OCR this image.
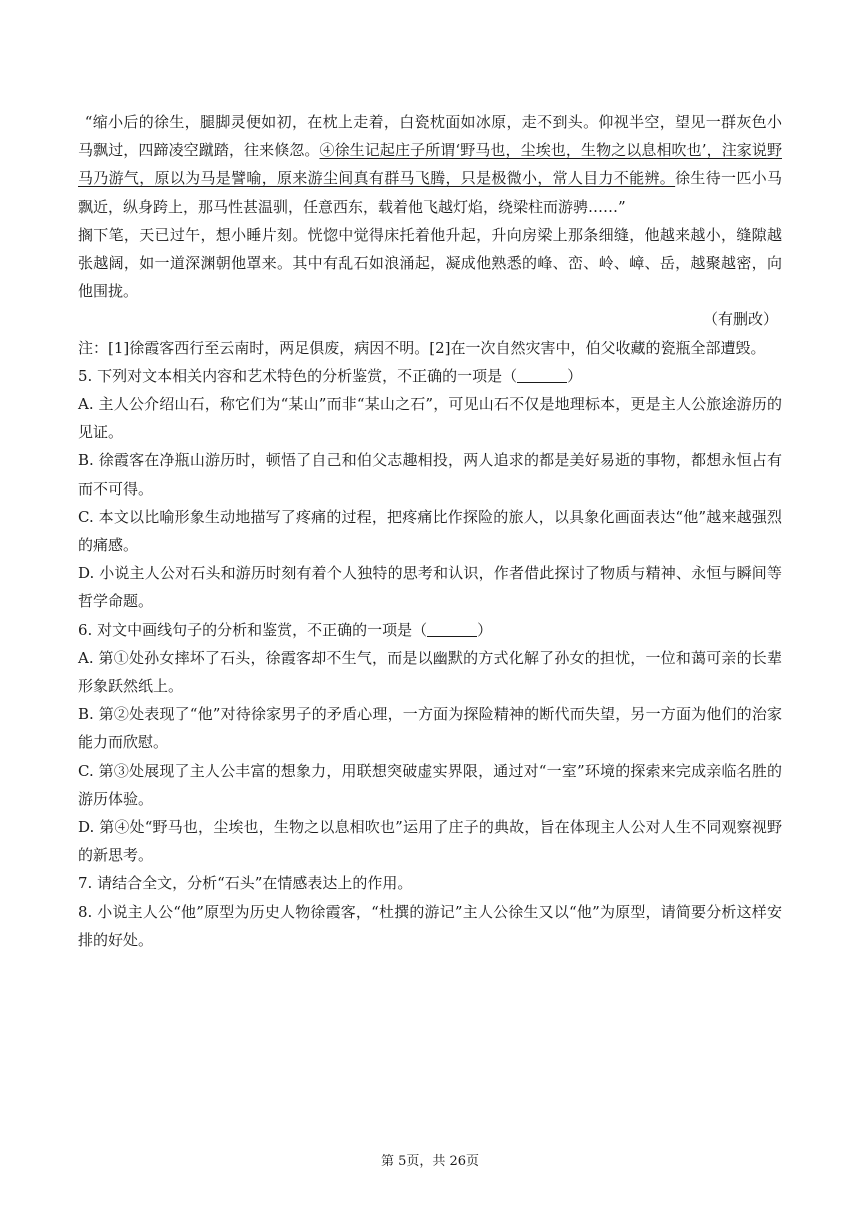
“缩小后的徐生，腿脚灵便如初，在枕上走着，白瓷枕面如冰原，走不到头。仰视半空，望见一群灰色小马飘过，四蹄凌空蹴踏，往来倏忽。④徐生记起庄子所谓‘野马也，尘埃也，生物之以息相吹也’，注家说野马乃游气，原以为马是譬喻，原来游尘间真有群马飞腾，只是极微小，常人目力不能辨。徐生待一匹小马飘近，纵身跨上，那马性甚温驯，任意西东，载着他飞越灯焰，绕梁柱而游骋……”

搁下笔，天已过午，想小睡片刻。恍惚中觉得床托着他升起，升向房梁上那条细缝，他越来越小，缝隙越张越阔，如一道深渊朝他罩来。其中有乱石如浪涌起，凝成他熟悉的峰、峦、岭、嶂、岳，越聚越密，向他围拢。

（有删改）

注：[1]徐霞客西行至云南时，两足俱废，病因不明。[2]在一次自然灾害中，伯父收藏的瓷瓶全部遭毁。

5. 下列对文本相关内容和艺术特色的分析鉴赏，不正确的一项是（	）

A. 主人公介绍山石，称它们为“某山”而非“某山之石”，可见山石不仅是地理标本，更是主人公旅途游历的见证。

B. 徐霞客在净瓶山游历时，顿悟了自己和伯父志趣相投，两人追求的都是美好易逝的事物，都想永恒占有而不可得。

C. 本文以比喻形象生动地描写了疼痛的过程，把疼痛比作探险的旅人，以具象化画面表达“他”越来越强烈的痛感。

D. 小说主人公对石头和游历时刻有着个人独特的思考和认识，作者借此探讨了物质与精神、永恒与瞬间等哲学命题。

6. 对文中画线句子的分析和鉴赏，不正确的一项是（	）

A. 第①处孙女摔坏了石头，徐霞客却不生气，而是以幽默的方式化解了孙女的担忧，一位和蔼可亲的长辈形象跃然纸上。

B. 第②处表现了“他”对待徐家男子的矛盾心理，一方面为探险精神的断代而失望，另一方面为他们的治家能力而欣慰。

C. 第③处展现了主人公丰富的想象力，用联想突破虚实界限，通过对“一室”环境的探索来完成亲临名胜的游历体验。

D. 第④处“野马也，尘埃也，生物之以息相吹也”运用了庄子的典故，旨在体现主人公对人生不同观察视野的新思考。

7. 请结合全文，分析“石头”在情感表达上的作用。

8. 小说主人公“他”原型为历史人物徐霞客，“杜撰的游记”主人公徐生又以“他”为原型，请简要分析这样安排的好处。

第 5页，共 26页
